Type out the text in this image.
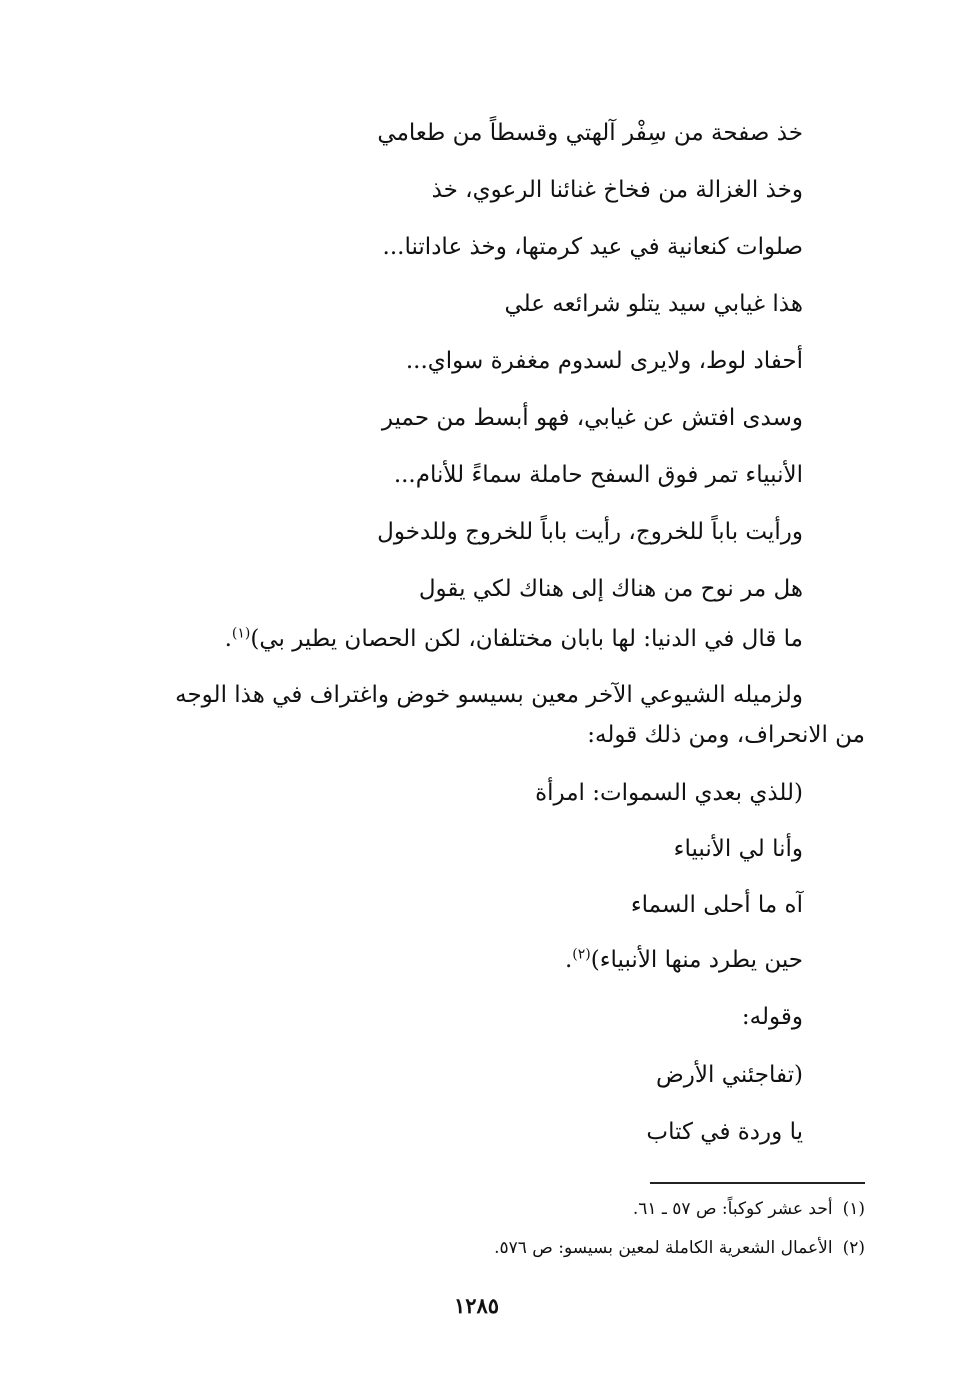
خذ صفحة من سِفْر آلهتي وقسطاً من طعامي
وخذ الغزالة من فخاخ غنائنا الرعوي، خذ
صلوات كنعانية في عيد كرمتها، وخذ عاداتنا...
هذا غيابي سيد يتلو شرائعه علي
أحفاد لوط، ولايرى لسدوم مغفرة سواي...
وسدى افتش عن غيابي، فهو أبسط من حمير
الأنبياء تمر فوق السفح حاملة سماءً للأنام...
ورأيت باباً للخروج، رأيت باباً للخروج وللدخول
هل مر نوح من هناك إلى هناك لكي يقول
ما قال في الدنيا: لها بابان مختلفان، لكن الحصان يطير بي)$^{(١)}$.
ولزميله الشيوعي الآخر معين بسيسو خوض واغتراف في هذا الوجه
من الانحراف، ومن ذلك قوله:
(للذي بعدي السموات: امرأة
وأنا لي الأنبياء
آه ما أحلى السماء
حين يطرد منها الأنبياء)$^{(٢)}$.
وقوله:
(تفاجئني الأرض
يا وردة في كتاب
(١)أحد عشر كوكباً: ص ٥٧ ـ ٦١.
(٢)الأعمال الشعرية الكاملة لمعين بسيسو: ص ٥٧٦.
١٢٨٥
